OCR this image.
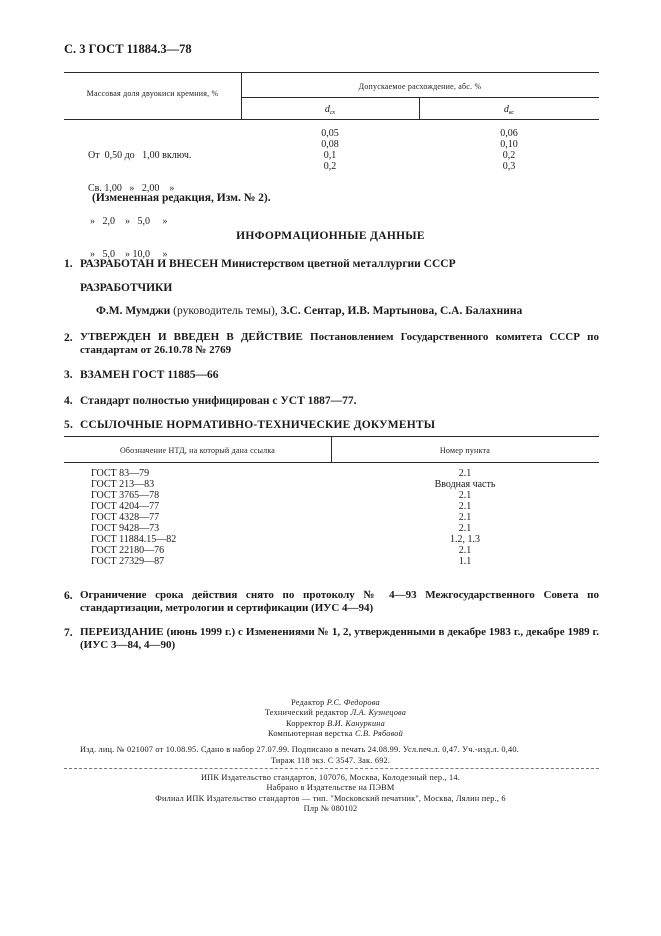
С. 3 ГОСТ 11884.3—78
Массовая доля двуокиси кремния, %
Допускаемое расхождение, абс. %
$d_{сх}$	$d_{вс}$

От  0,50 до   1,00 включ.

Св. 1,00   »   2,00    »

»   2,0    »   5,0     »

»   5,0    » 10,0     »

0,05
0,08
0,1
0,2
0,06
0,10
0,2
0,3
(Измененная редакция, Изм. № 2).
ИНФОРМАЦИОННЫЕ ДАННЫЕ
1. РАЗРАБОТАН И ВНЕСЕН Министерством цветной металлургии СССР
РАЗРАБОТЧИКИ
Ф.М. Мумджи (руководитель темы), З.С. Сентар, И.В. Мартынова, С.А. Балахнина
2. УТВЕРЖДЕН И ВВЕДЕН В ДЕЙСТВИЕ Постановлением Государственного комитета СССР по стандартам от 26.10.78 № 2769
3. ВЗАМЕН ГОСТ 11885—66
4. Стандарт полностью унифицирован с УСТ 1887—77.
5. ССЫЛОЧНЫЕ НОРМАТИВНО-ТЕХНИЧЕСКИЕ ДОКУМЕНТЫ
Обозначение НТД, на который дана ссылка	Номер пункта
ГОСТ 83—79
ГОСТ 213—83
ГОСТ 3765—78
ГОСТ 4204—77
ГОСТ 4328—77
ГОСТ 9428—73
ГОСТ 11884.15—82
ГОСТ 22180—76
ГОСТ 27329—87
2.1
Вводная часть
2.1
2.1
2.1
2.1
1.2, 1.3
2.1
1.1
6. Ограничение срока действия снято по протоколу № 4—93 Межгосударственного Совета по стандартизации, метрологии и сертификации (ИУС 4—94)
7. ПЕРЕИЗДАНИЕ (июнь 1999 г.) с Изменениями № 1, 2, утвержденными в декабре 1983 г., декабре 1989 г. (ИУС 3—84, 4—90)
Редактор Р.С. Федорова
Технический редактор Л.А. Кузнецова
Корректор В.И. Кануркина
Компьютерная верстка С.В. Рябовой
Изд. лиц. № 021007 от 10.08.95. Сдано в набор 27.07.99. Подписано в печать 24.08.99. Усл.печ.л. 0,47. Уч.-изд.л. 0,40.
Тираж 118 экз. С 3547. Зак. 692.
ИПК Издательство стандартов, 107076, Москва, Колодезный пер., 14.
Набрано в Издательстве на ПЭВМ
Филиал ИПК Издательство стандартов — тип. "Московский печатник", Москва, Лялин пер., 6
Плр № 080102
